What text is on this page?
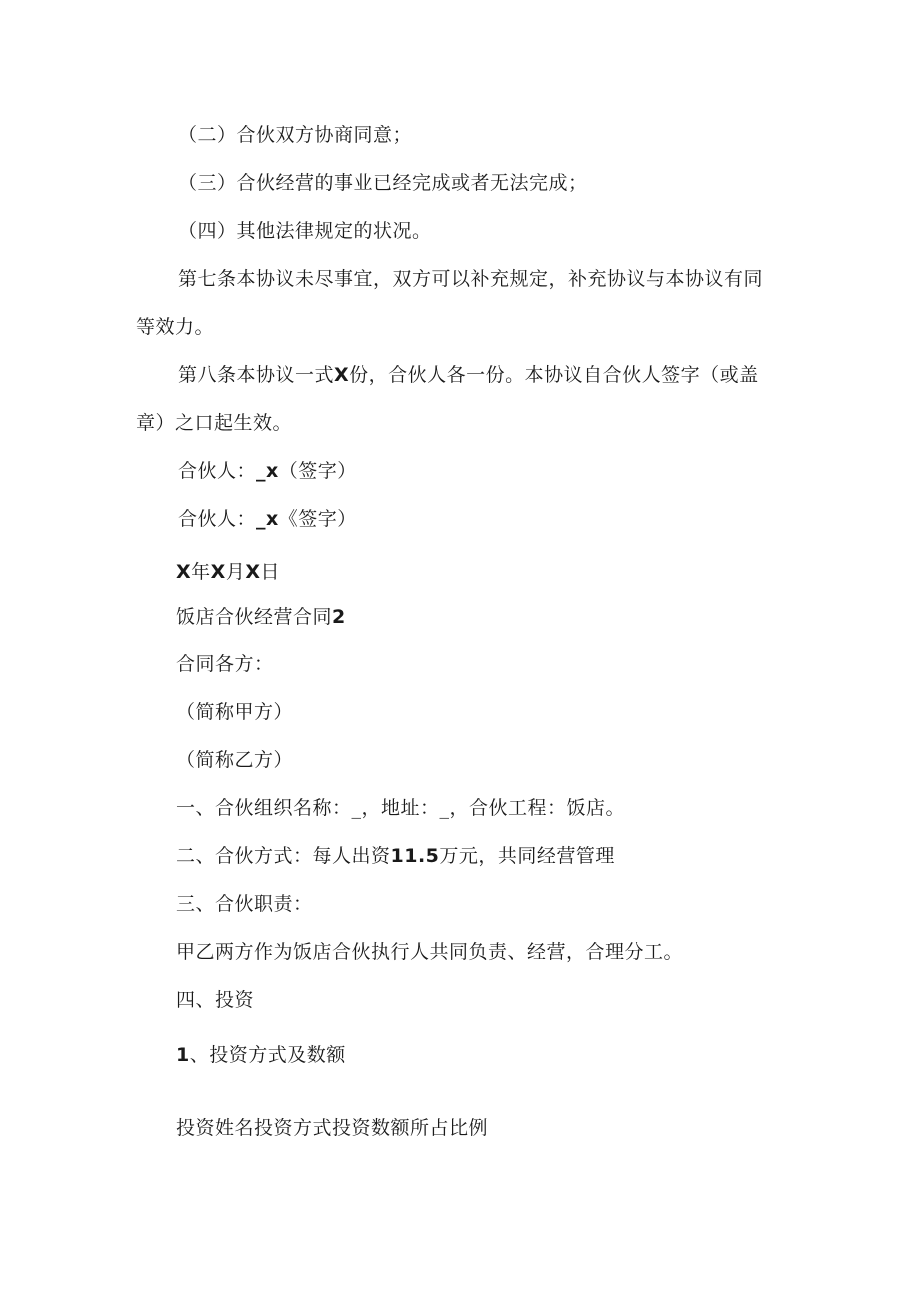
（二）合伙双方协商同意；
（三）合伙经营的事业已经完成或者无法完成；
（四）其他法律规定的状况。
第七条本协议未尽事宜，双方可以补充规定，补充协议与本协议有同
等效力。
第八条本协议一式X份，合伙人各一份。本协议自合伙人签字（或盖
章）之口起生效。
合伙人：_x（签字）
合伙人：_x《签字）
X年X月X日
饭店合伙经营合同2
合同各方：
（简称甲方）
（简称乙方）
一、合伙组织名称：_，地址：_，合伙工程：饭店。
二、合伙方式：每人出资11.5万元，共同经营管理
三、合伙职责：
甲乙两方作为饭店合伙执行人共同负责、经营，合理分工。
四、投资
1、投资方式及数额
投资姓名投资方式投资数额所占比例
